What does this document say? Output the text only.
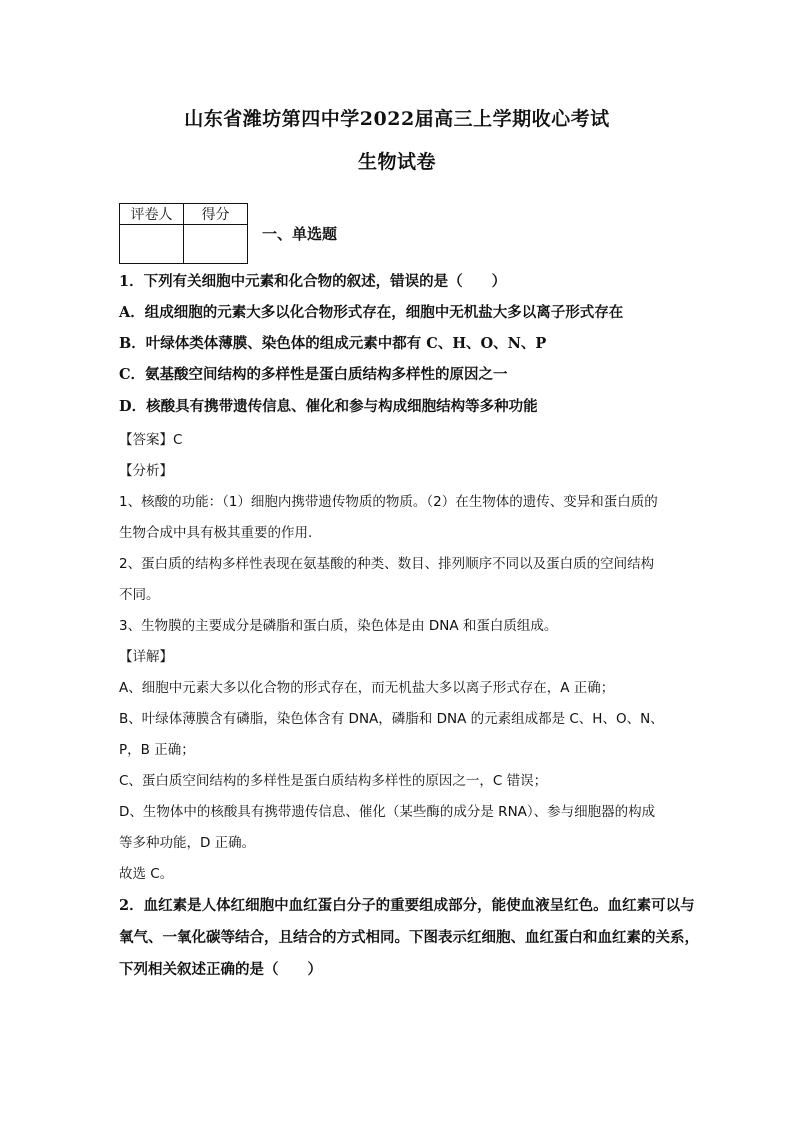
山东省潍坊第四中学2022届高三上学期收心考试
生物试卷
评卷人	得分

一、单选题
1．下列有关细胞中元素和化合物的叙述，错误的是（　　）
A．组成细胞的元素大多以化合物形式存在，细胞中无机盐大多以离子形式存在
B．叶绿体类体薄膜、染色体的组成元素中都有 C、H、O、N、P
C．氨基酸空间结构的多样性是蛋白质结构多样性的原因之一
D．核酸具有携带遗传信息、催化和参与构成细胞结构等多种功能
【答案】C
【分析】
1、核酸的功能：（1）细胞内携带遗传物质的物质。（2）在生物体的遗传、变异和蛋白质的
生物合成中具有极其重要的作用.
2、蛋白质的结构多样性表现在氨基酸的种类、数目、排列顺序不同以及蛋白质的空间结构
不同。
3、生物膜的主要成分是磷脂和蛋白质，染色体是由 DNA 和蛋白质组成。
【详解】
A、细胞中元素大多以化合物的形式存在，而无机盐大多以离子形式存在，A 正确；
B、叶绿体薄膜含有磷脂，染色体含有 DNA，磷脂和 DNA 的元素组成都是 C、H、O、N、
P，B 正确；
C、蛋白质空间结构的多样性是蛋白质结构多样性的原因之一，C 错误；
D、生物体中的核酸具有携带遗传信息、催化（某些酶的成分是 RNA）、参与细胞器的构成
等多种功能，D 正确。
故选 C。
2．血红素是人体红细胞中血红蛋白分子的重要组成部分，能使血液呈红色。血红素可以与
氧气、一氧化碳等结合，且结合的方式相同。下图表示红细胞、血红蛋白和血红素的关系，
下列相关叙述正确的是（　　）
